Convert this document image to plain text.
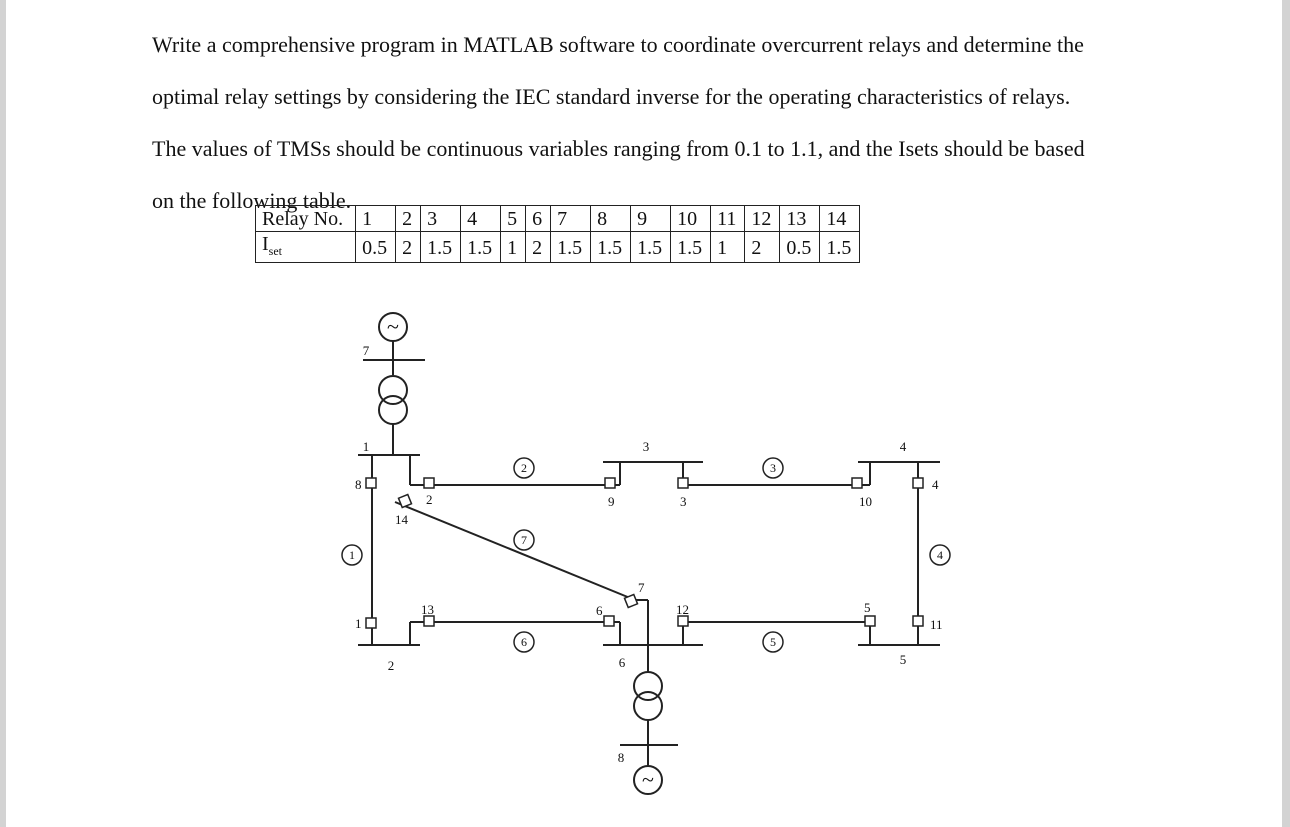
Write a comprehensive program in MATLAB software to coordinate overcurrent relays and determine the

optimal relay settings by considering the IEC standard inverse for the operating characteristics of relays.

The values of TMSs should be continuous variables ranging from 0.1 to 1.1, and the Isets should be based

on the following table.

Relay No.	1	2	3	4	5	6	7	8	9	10	11	12	13	14
$I_{set}$	0.5	2	1.5	1.5	1	2	1.5	1.5	1.5	1.5	1	2	0.5	1.5
~
~
7
1	3	4
2	6	5
8
1
2	3
4
5
6
7
8
2
14
9	3	10
4
1
13	6
7
12	5
11
